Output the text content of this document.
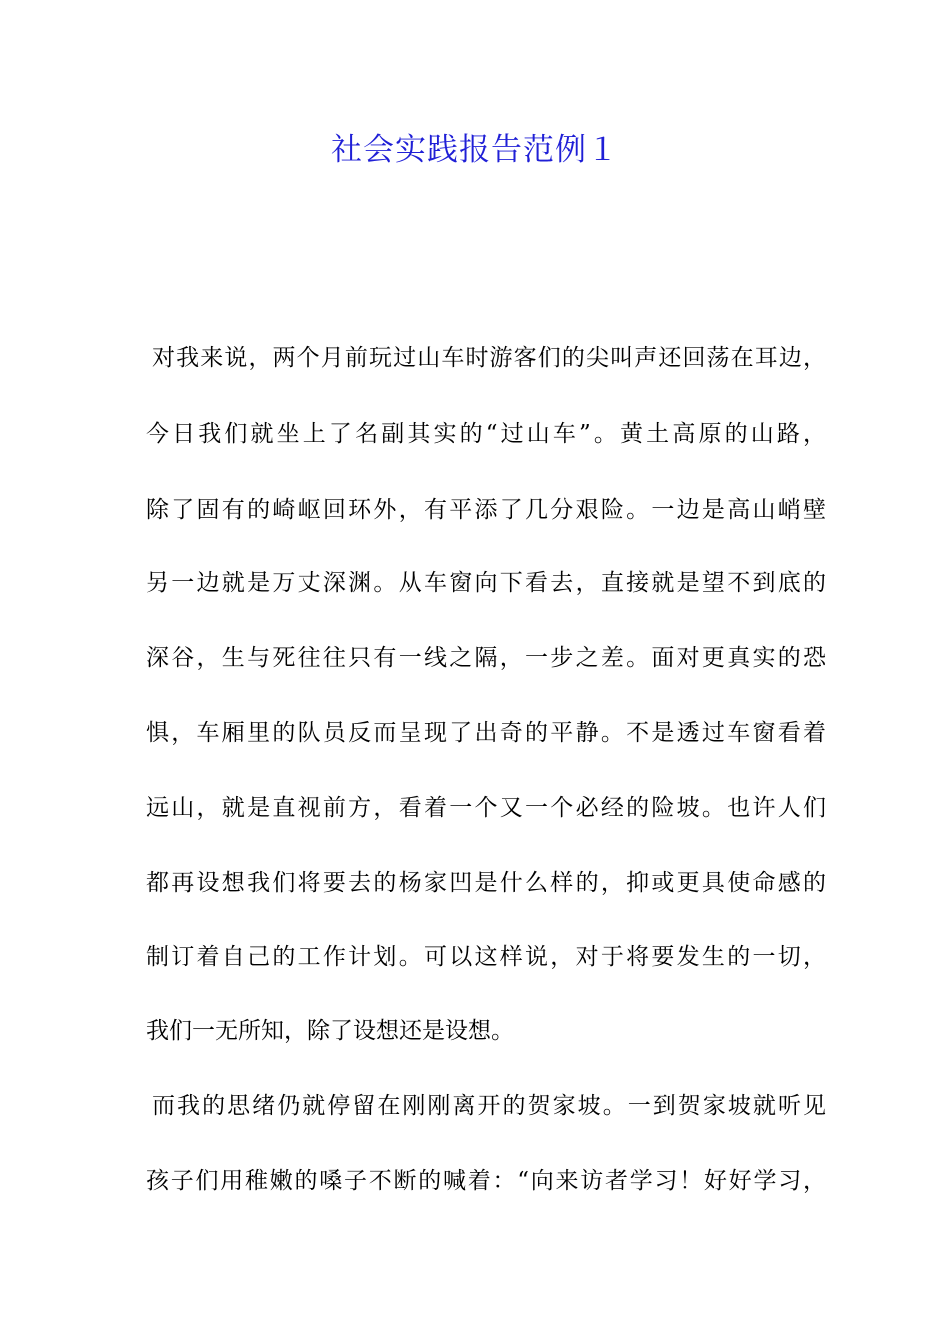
社会实践报告范例１
对我来说，两个月前玩过山车时游客们的尖叫声还回荡在耳边，
今日我们就坐上了名副其实的“过山车”。黄土高原的山路，
除了固有的崎岖回环外，有平添了几分艰险。一边是高山峭壁
另一边就是万丈深渊。从车窗向下看去，直接就是望不到底的
深谷，生与死往往只有一线之隔，一步之差。面对更真实的恐
惧，车厢里的队员反而呈现了出奇的平静。不是透过车窗看着
远山，就是直视前方，看着一个又一个必经的险坡。也许人们
都再设想我们将要去的杨家凹是什么样的，抑或更具使命感的
制订着自己的工作计划。可以这样说，对于将要发生的一切，
我们一无所知，除了设想还是设想。
而我的思绪仍就停留在刚刚离开的贺家坡。一到贺家坡就听见
孩子们用稚嫩的嗓子不断的喊着：“向来访者学习！好好学习，
